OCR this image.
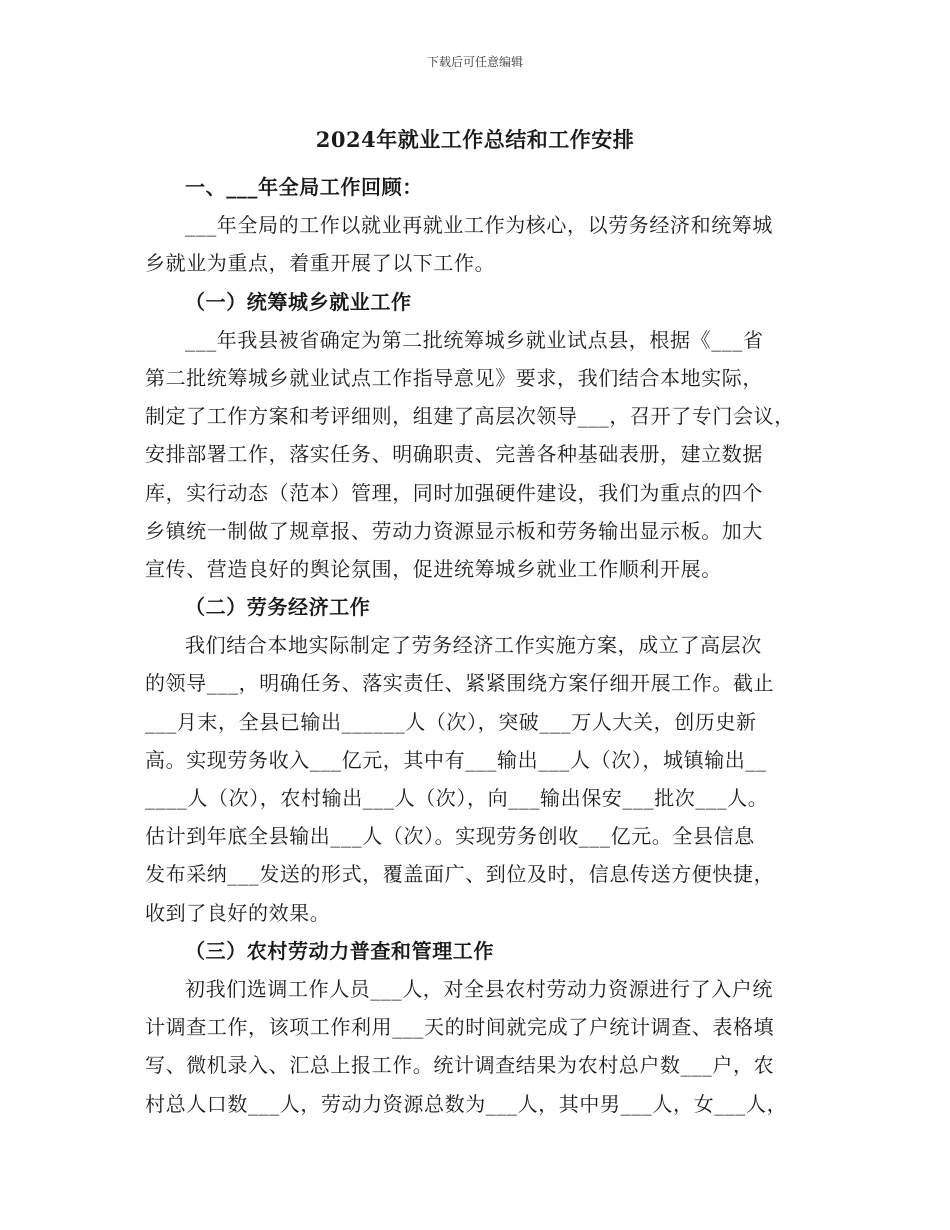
下载后可任意编辑
2024年就业工作总结和工作安排
一、___年全局工作回顾：
___年全局的工作以就业再就业工作为核心，以劳务经济和统筹城
乡就业为重点，着重开展了以下工作。
（一）统筹城乡就业工作
___年我县被省确定为第二批统筹城乡就业试点县，根据《___省
第二批统筹城乡就业试点工作指导意见》要求，我们结合本地实际，
制定了工作方案和考评细则，组建了高层次领导___，召开了专门会议，
安排部署工作，落实任务、明确职责、完善各种基础表册，建立数据
库，实行动态（范本）管理，同时加强硬件建设，我们为重点的四个
乡镇统一制做了规章报、劳动力资源显示板和劳务输出显示板。加大
宣传、营造良好的舆论氛围，促进统筹城乡就业工作顺利开展。
（二）劳务经济工作
我们结合本地实际制定了劳务经济工作实施方案，成立了高层次
的领导___，明确任务、落实责任、紧紧围绕方案仔细开展工作。截止
___月末，全县已输出______人（次），突破___万人大关，创历史新
高。实现劳务收入___亿元，其中有___输出___人（次），城镇输出__
____人（次），农村输出___人（次），向___输出保安___批次___人。
估计到年底全县输出___人（次）。实现劳务创收___亿元。全县信息
发布采纳___发送的形式，覆盖面广、到位及时，信息传送方便快捷，
收到了良好的效果。
（三）农村劳动力普查和管理工作
初我们选调工作人员___人，对全县农村劳动力资源进行了入户统
计调查工作，该项工作利用___天的时间就完成了户统计调查、表格填
写、微机录入、汇总上报工作。统计调查结果为农村总户数___户，农
村总人口数___人，劳动力资源总数为___人，其中男___人，女___人，
